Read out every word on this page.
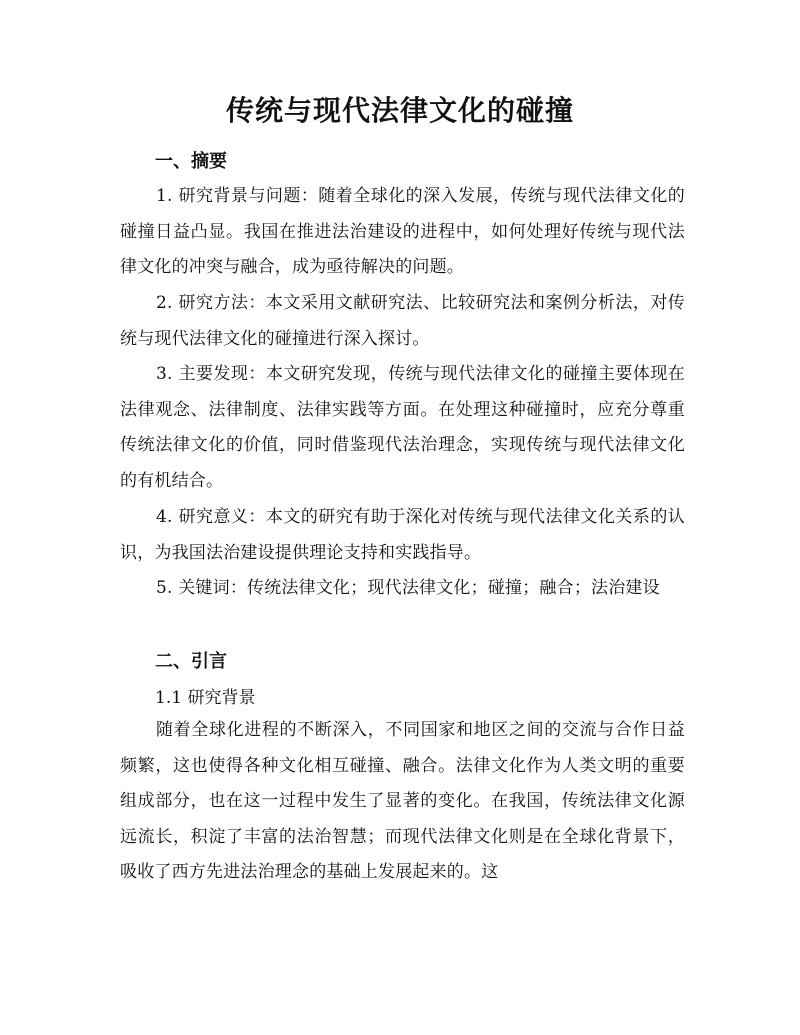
传统与现代法律文化的碰撞
一、摘要

1. 研究背景与问题：随着全球化的深入发展，传统与现代法律文化的碰撞日益凸显。我国在推进法治建设的进程中，如何处理好传统与现代法律文化的冲突与融合，成为亟待解决的问题。

2. 研究方法：本文采用文献研究法、比较研究法和案例分析法，对传统与现代法律文化的碰撞进行深入探讨。

3. 主要发现：本文研究发现，传统与现代法律文化的碰撞主要体现在法律观念、法律制度、法律实践等方面。在处理这种碰撞时，应充分尊重传统法律文化的价值，同时借鉴现代法治理念，实现传统与现代法律文化的有机结合。

4. 研究意义：本文的研究有助于深化对传统与现代法律文化关系的认识，为我国法治建设提供理论支持和实践指导。

5. 关键词：传统法律文化；现代法律文化；碰撞；融合；法治建设

二、引言

1.1 研究背景

随着全球化进程的不断深入，不同国家和地区之间的交流与合作日益频繁，这也使得各种文化相互碰撞、融合。法律文化作为人类文明的重要组成部分，也在这一过程中发生了显著的变化。在我国，传统法律文化源远流长，积淀了丰富的法治智慧；而现代法律文化则是在全球化背景下，吸收了西方先进法治理念的基础上发展起来的。这
